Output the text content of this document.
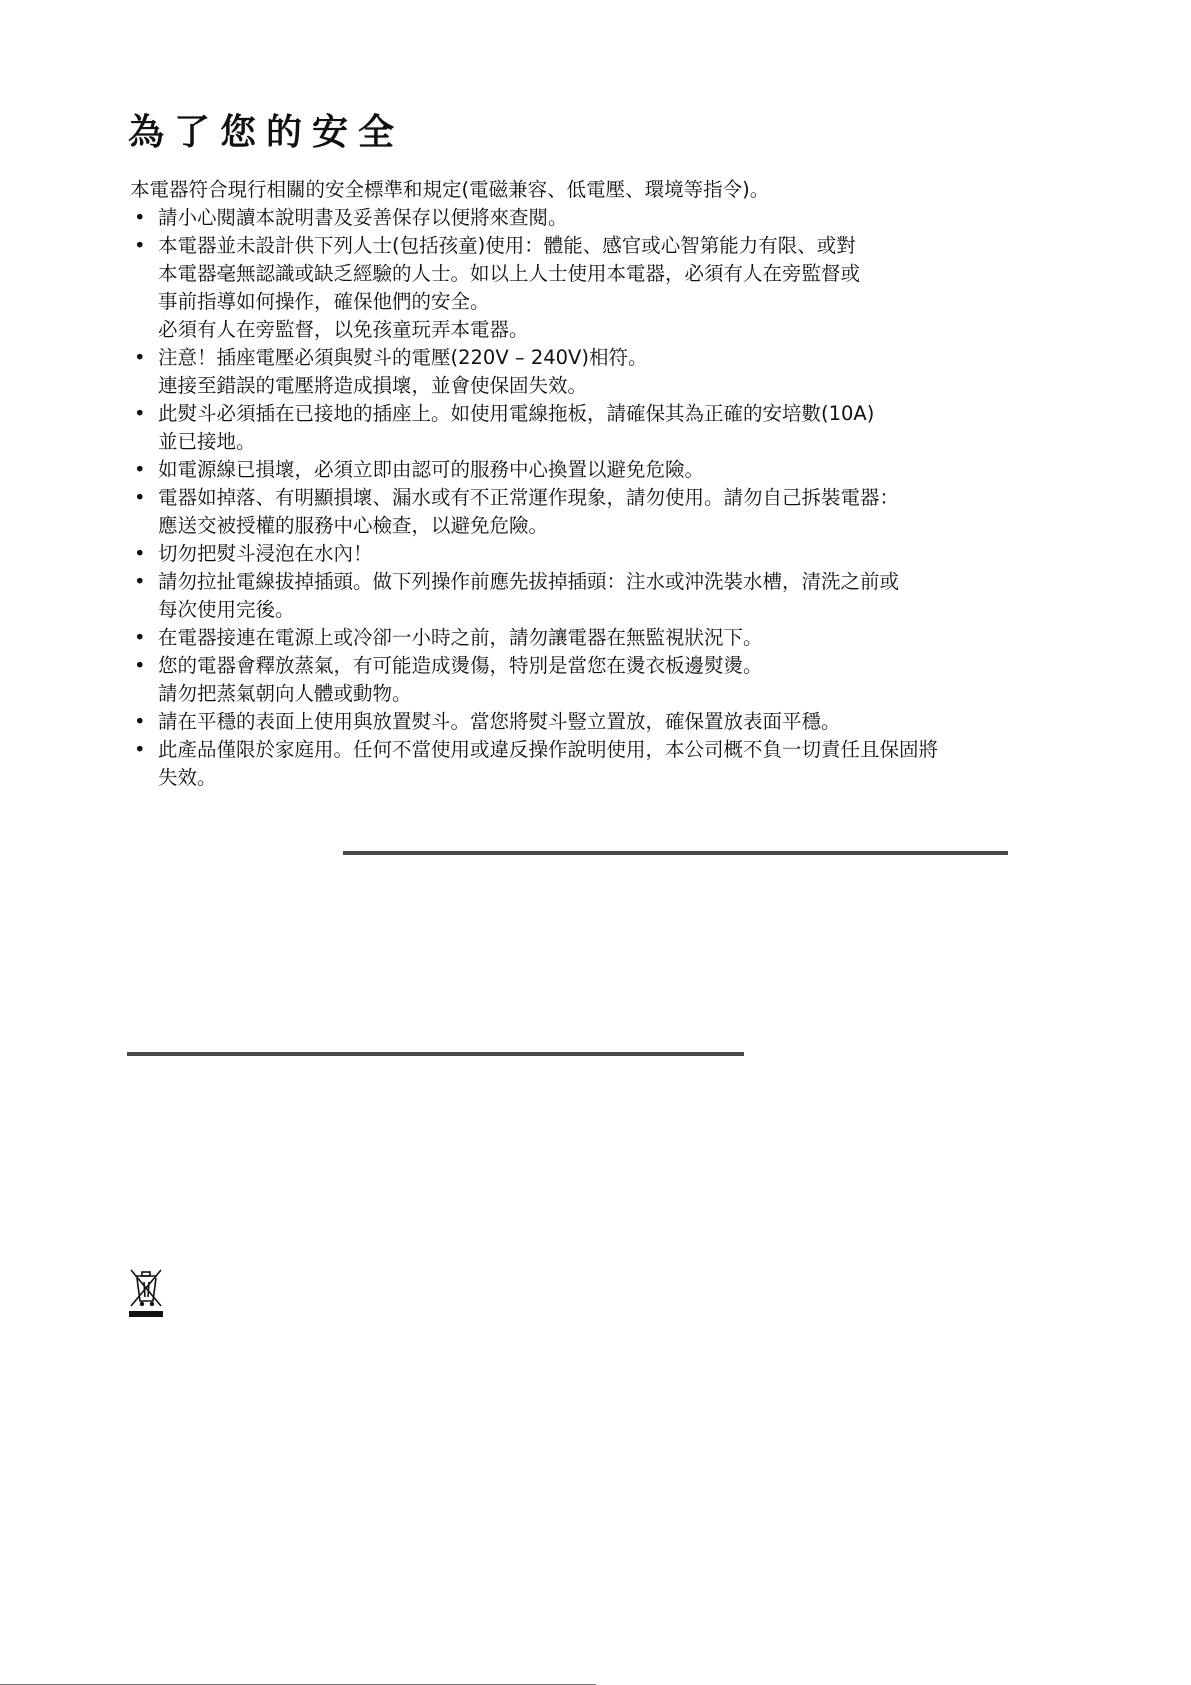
為了您的安全

本電器符合現行相關的安全標準和規定(電磁兼容、低電壓、環境等指令)。

• 請小心閱讀本說明書及妥善保存以便將來查閱。
• 本電器並未設計供下列人士(包括孩童)使用：體能、感官或心智第能力有限、或對
本電器毫無認識或缺乏經驗的人士。如以上人士使用本電器，必須有人在旁監督或
事前指導如何操作，確保他們的安全。
必須有人在旁監督，以免孩童玩弄本電器。
• 注意！插座電壓必須與熨斗的電壓(220V – 240V)相符。
連接至錯誤的電壓將造成損壞，並會使保固失效。
• 此熨斗必須插在已接地的插座上。如使用電線拖板，請確保其為正確的安培數(10A)
並已接地。
• 如電源線已損壞，必須立即由認可的服務中心換置以避免危險。
• 電器如掉落、有明顯損壞、漏水或有不正常運作現象，請勿使用。請勿自己拆裝電器：
應送交被授權的服務中心檢查，以避免危險。
• 切勿把熨斗浸泡在水內！
• 請勿拉扯電線拔掉插頭。做下列操作前應先拔掉插頭：注水或沖洗裝水槽，清洗之前或
每次使用完後。
• 在電器接連在電源上或冷卻一小時之前，請勿讓電器在無監視狀況下。
• 您的電器會釋放蒸氣，有可能造成燙傷，特別是當您在燙衣板邊熨燙。
請勿把蒸氣朝向人體或動物。
• 請在平穩的表面上使用與放置熨斗。當您將熨斗豎立置放，確保置放表面平穩。
• 此產品僅限於家庭用。任何不當使用或違反操作說明使用，本公司概不負一切責任且保固將
失效。
